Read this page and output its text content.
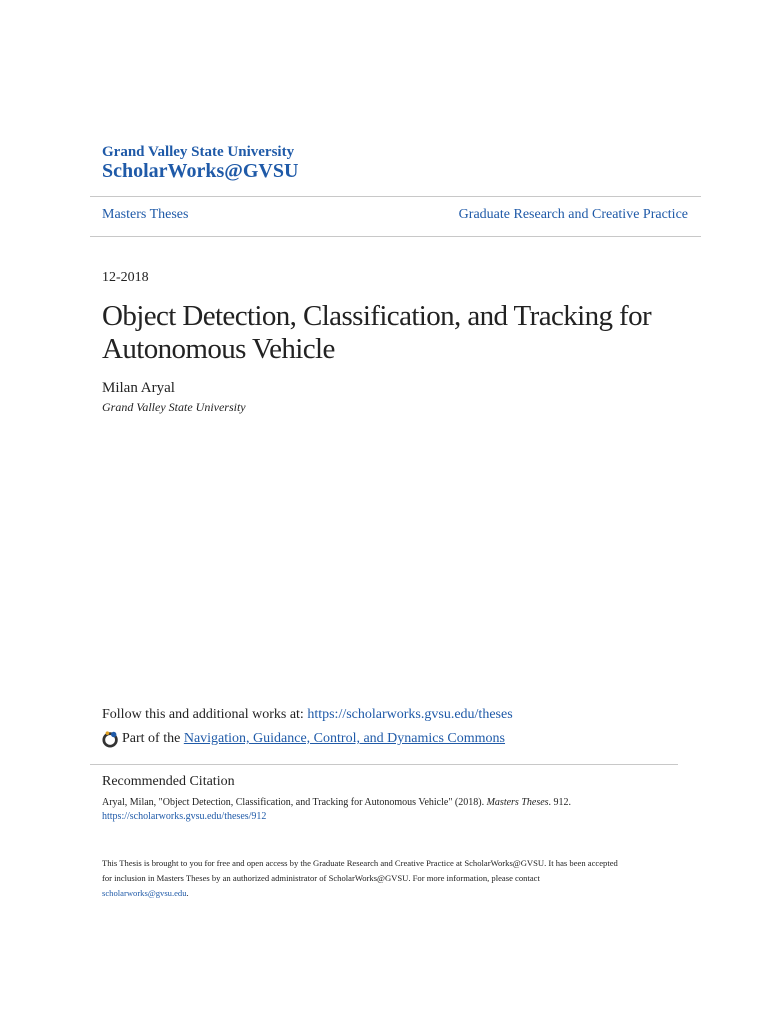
Grand Valley State University
ScholarWorks@GVSU
Masters Theses	Graduate Research and Creative Practice
12-2018
Object Detection, Classification, and Tracking for
Autonomous Vehicle
Milan Aryal
Grand Valley State University
Follow this and additional works at: https://scholarworks.gvsu.edu/theses
Part of the
Navigation, Guidance, Control, and Dynamics Commons
Recommended Citation
Aryal, Milan, "Object Detection, Classification, and Tracking for Autonomous Vehicle" (2018). Masters Theses. 912.
https://scholarworks.gvsu.edu/theses/912
This Thesis is brought to you for free and open access by the Graduate Research and Creative Practice at ScholarWorks@GVSU. It has been accepted
for inclusion in Masters Theses by an authorized administrator of ScholarWorks@GVSU. For more information, please contact
scholarworks@gvsu.edu.
